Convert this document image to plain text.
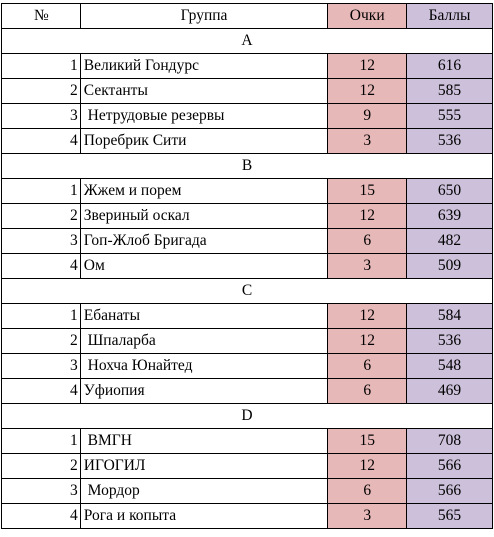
№	Группа	Очки	Баллы
A			
1	Великий Гондурс	12	616
2	Сектанты	12	585
3	Нетрудовые резервы	9	555
4	Поребрик Сити	3	536
B			
1	Жжем и порем	15	650
2	Звериный оскал	12	639
3	Гоп-Жлоб Бригада	6	482
4	Ом	3	509
C			
1	Ебанаты	12	584
2	Шпаларба	12	536
3	Нохча Юнайтед	6	548
4	Уфиопия	6	469
D			
1	ВМГН	15	708
2	ИГОГИЛ	12	566
3	Мордор	6	566
4	Рога и копыта	3	565
